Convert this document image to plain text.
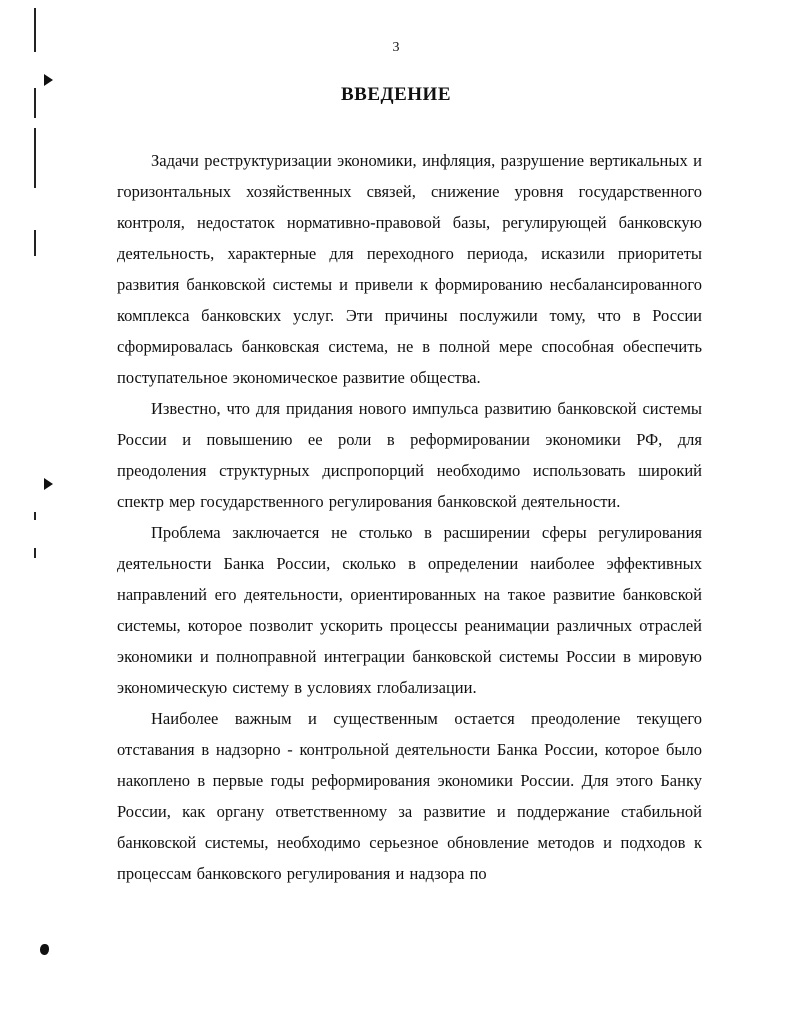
3
ВВЕДЕНИЕ

Задачи реструктуризации экономики, инфляция, разрушение вертикальных и горизонтальных хозяйственных связей, снижение уровня государственного контроля, недостаток нормативно-правовой базы, регулирующей банковскую деятельность, характерные для переходного периода, исказили приоритеты развития банковской системы и привели к формированию несбалансированного комплекса банковских услуг. Эти причины послужили тому, что в России сформировалась банковская система, не в полной мере способная обеспечить поступательное экономическое развитие общества.

Известно, что для придания нового импульса развитию банковской системы России и повышению ее роли в реформировании экономики РФ, для преодоления структурных диспропорций необходимо использовать широкий спектр мер государственного регулирования банковской деятельности.

Проблема заключается не столько в расширении сферы регулирования деятельности Банка России, сколько в определении наиболее эффективных направлений его деятельности, ориентированных на такое развитие банковской системы, которое позволит ускорить процессы реанимации различных отраслей экономики и полноправной интеграции банковской системы России в мировую экономическую систему в условиях глобализации.

Наиболее важным и существенным остается преодоление текущего отставания в надзорно - контрольной деятельности Банка России, которое было накоплено в первые годы реформирования экономики России. Для этого Банку России, как органу ответственному за развитие и поддержание стабильной банковской системы, необходимо серьезное обновление методов и подходов к процессам банковского регулирования и надзора по
